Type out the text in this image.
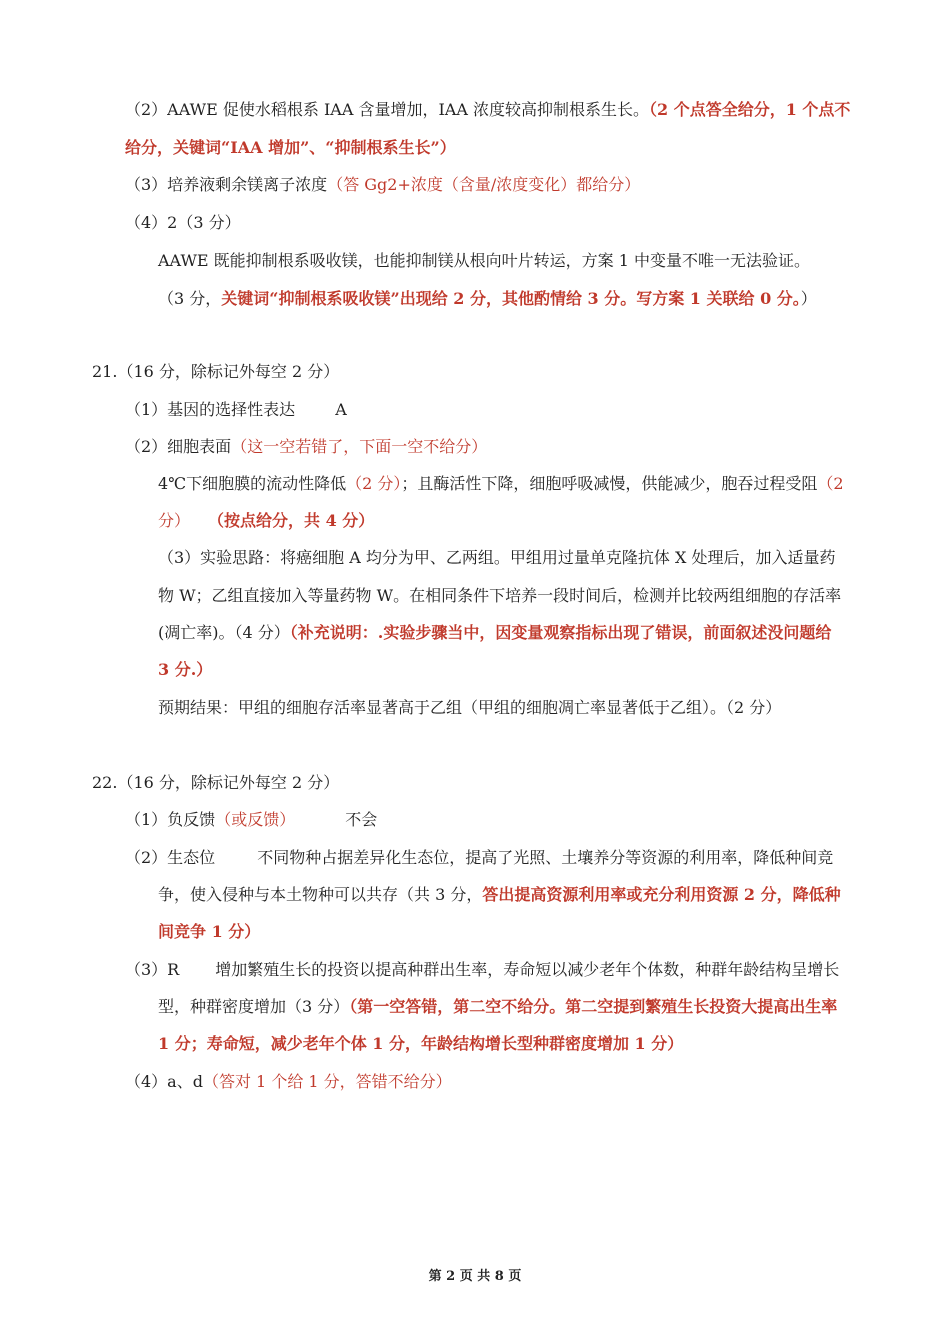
（2）AAWE 促使水稻根系 IAA 含量增加，IAA 浓度较高抑制根系生长。（2 个点答全给分，1 个点不
给分，关键词“IAA 增加”、“抑制根系生长”）
（3）培养液剩余镁离子浓度（答 Gg2+浓度（含量/浓度变化）都给分）
（4）2（3 分）
AAWE 既能抑制根系吸收镁，也能抑制镁从根向叶片转运，方案 1 中变量不唯一无法验证。
（3 分，关键词“抑制根系吸收镁”出现给 2 分，其他酌情给 3 分。写方案 1 关联给 0 分。）
21.（16 分，除标记外每空 2 分）
（1）基因的选择性表达	A
（2）细胞表面（这一空若错了，下面一空不给分）
4℃下细胞膜的流动性降低（2 分）；且酶活性下降，细胞呼吸减慢，供能减少，胞吞过程受阻（2
分） （按点给分，共 4 分）
（3）实验思路：将癌细胞 A 均分为甲、乙两组。甲组用过量单克隆抗体 X 处理后，加入适量药
物 W；乙组直接加入等量药物 W。在相同条件下培养一段时间后，检测并比较两组细胞的存活率
(凋亡率)。（4 分）（补充说明：.实验步骤当中，因变量观察指标出现了错误，前面叙述没问题给
3 分.）
预期结果：甲组的细胞存活率显著高于乙组（甲组的细胞凋亡率显著低于乙组）。（2 分）
22.（16 分，除标记外每空 2 分）
（1）负反馈（或反馈）	不会
（2）生态位	不同物种占据差异化生态位，提高了光照、土壤养分等资源的利用率，降低种间竞
争，使入侵种与本土物种可以共存（共 3 分，答出提高资源利用率或充分利用资源 2 分，降低种
间竞争 1 分）
（3）R 增加繁殖生长的投资以提高种群出生率，寿命短以减少老年个体数，种群年龄结构呈增长
型，种群密度增加（3 分）（第一空答错，第二空不给分。第二空提到繁殖生长投资大提高出生率
1 分；寿命短，减少老年个体 1 分，年龄结构增长型种群密度增加 1 分）
（4）a、d（答对 1 个给 1 分，答错不给分）
第 2 页 共 8 页
